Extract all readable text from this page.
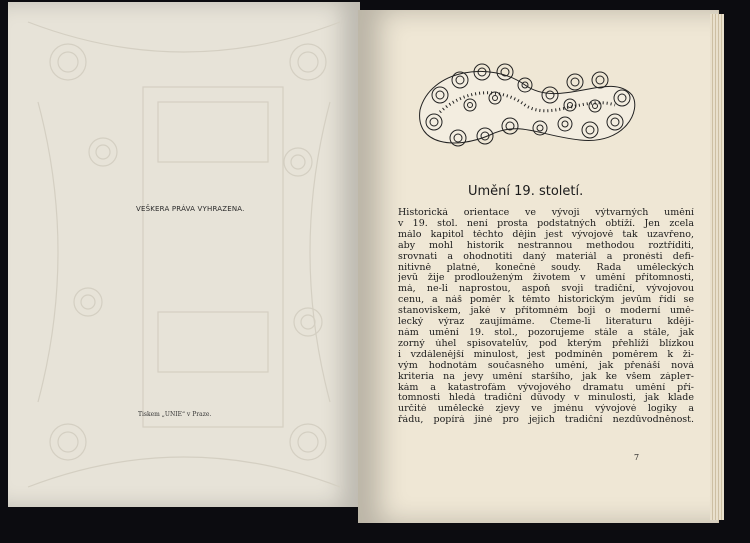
VEŠKERA PRÁVA VYHRAZENA.
Tiskem „UNIE“ v Praze.
Umění 19. století.
Historická orientace ve vývoji výtvarných umění
v 19. stol. není prosta podstatných obtíží. Jen zcela
málo kapitol těchto dějin jest vývojově tak uzavřeno,
aby mohl historik nestrannou methodou roztříditi,
srovnati a ohodnotiti daný materiál a pronésti defi-
nitivně platné, konečné soudy. Řada uměleckých
jevů žije prodlouženým životem v umění přítomnosti,
má, ne-li naprostou, aspoň svoji tradiční, vývojovou
cenu, a náš poměr k těmto historickým jevům řídí se
stanoviskem, jaké v přítomném boji o moderní umě-
lecký výraz zaujímáme. Čteme-li literaturu kději-
nám umění 19. stol., pozorujeme stále a stále, jak
zorný úhel spisovatelův, pod kterým přehlíží blízkou
i vzdálenější minulost, jest podmíněn poměrem k ži-
vým hodnotám současného umění, jak přenáší nová
kriteria na jevy umění staršího, jak ke všem zápleт-
kám a katastrofám vývojového dramatu umění pří-
tomnosti hledá tradiční důvody v minulosti, jak klade
určité umělecké zjevy ve jménu vývojové logiky a
řádu, popírá jiné pro jejich tradiční nezdůvodněnost.
7
